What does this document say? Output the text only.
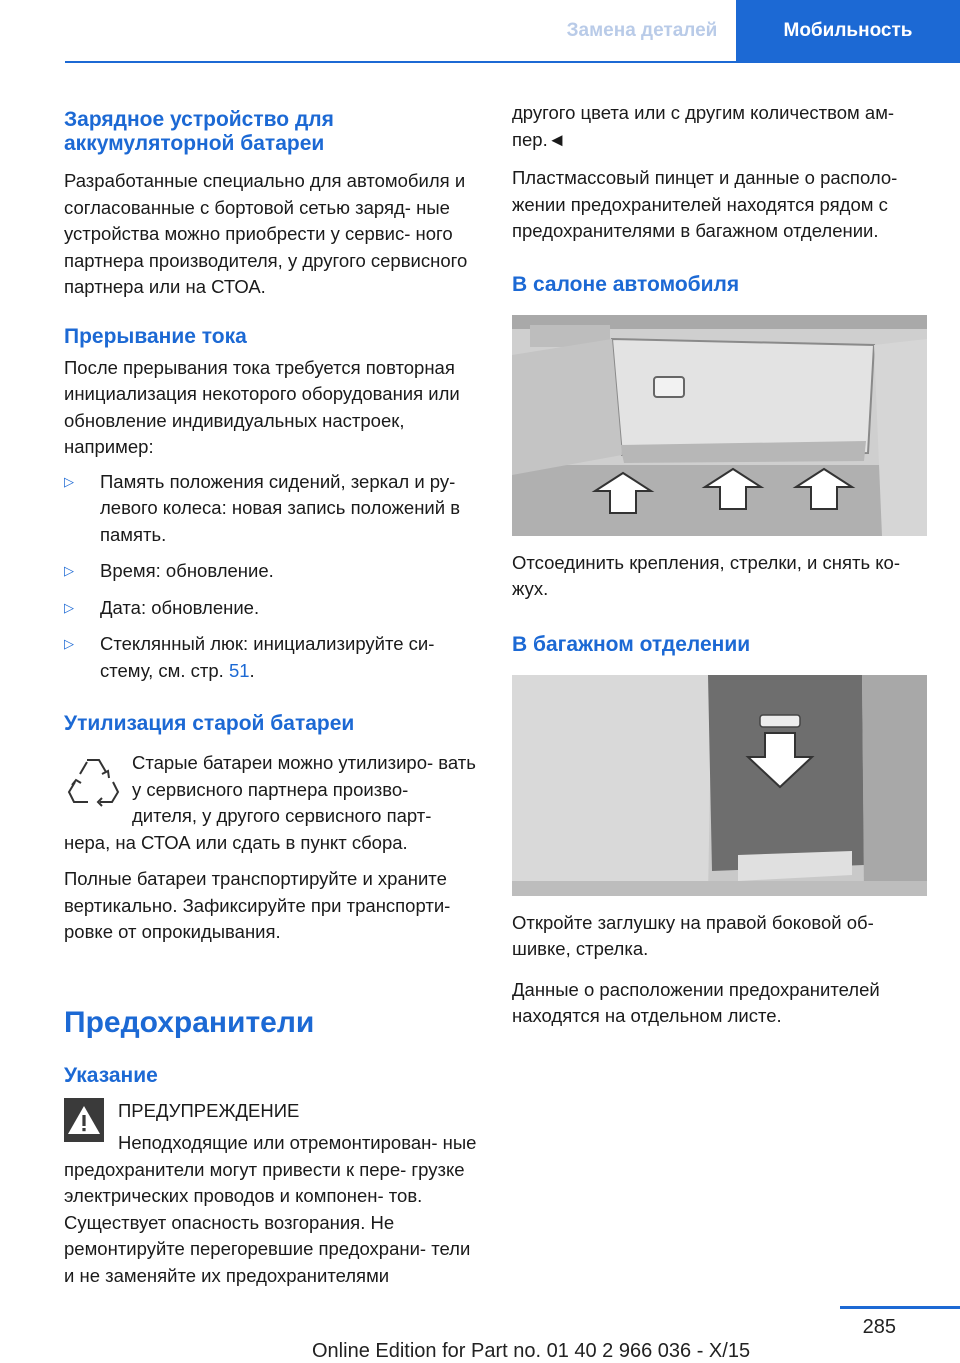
Замена деталей	Мобильность
Зарядное устройство для аккумуляторной батареи

Разработанные специально для автомобиля и согласованные с бортовой сетью заряд- ные устройства можно приобрести у сервис- ного партнера производителя, у другого сервисного партнера или на СТОА.

Прерывание тока

После прерывания тока требуется повторная инициализация некоторого оборудования или обновление индивидуальных настроек, например:

▷	Память положения сидений, зеркал и ру- левого колеса: новая запись положений в память.
▷	Время: обновление.
▷	Дата: обновление.
▷	Стеклянный люк: инициализируйте си- стему, см. стр. 51.
Утилизация старой батареи

Старые батареи можно утилизиро- вать у сервисного партнера произво- дителя, у другого сервисного парт- нера, на СТОА или сдать в пункт сбора.

Полные батареи транспортируйте и храните вертикально. Зафиксируйте при транспорти- ровке от опрокидывания.

Предохранители
Указание

ПРЕДУПРЕЖДЕНИЕ

Неподходящие или отремонтирован- ные предохранители могут привести к пере- грузке электрических проводов и компонен- тов. Существует опасность возгорания. Не ремонтируйте перегоревшие предохрани- тели и не заменяйте их предохранителями

другого цвета или с другим количеством ам- пер.◄

Пластмассовый пинцет и данные о располо- жении предохранителей находятся рядом с предохранителями в багажном отделении.

В салоне автомобиля

Отсоединить крепления, стрелки, и снять ко- жух.

В багажном отделении

Откройте заглушку на правой боковой об- шивке, стрелка.

Данные о расположении предохранителей находятся на отдельном листе.

285
Online Edition for Part no. 01 40 2 966 036 - X/15
